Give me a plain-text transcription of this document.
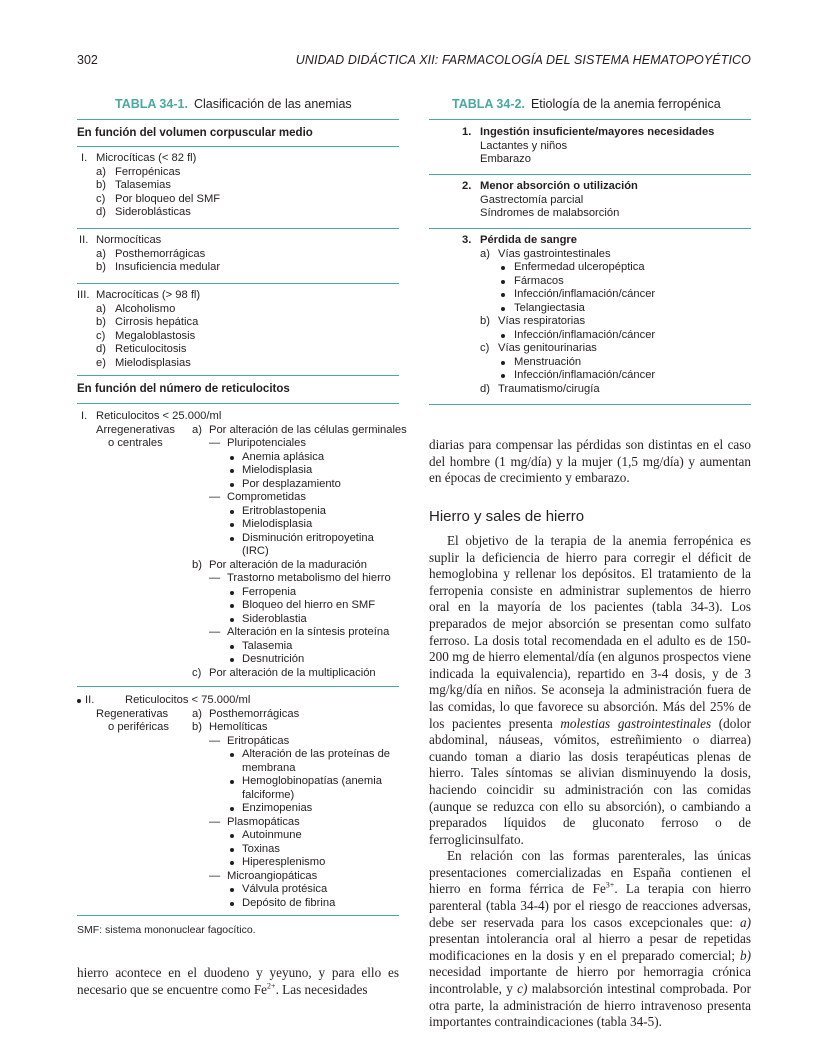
302	UNIDAD DIDÁCTICA XII: FARMACOLOGÍA DEL SISTEMA HEMATOPOYÉTICO
TABLA 34-1. Clasificación de las anemias
En función del volumen corpuscular medio
I. Microcíticas (< 82 fl)
a) Ferropénicas
b) Talasemias
c) Por bloqueo del SMF
d) Sideroblásticas
II. Normocíticas
a) Posthemorrágicas
b) Insuficiencia medular
III. Macrocíticas (> 98 fl)
a) Alcoholismo
b) Cirrosis hepática
c) Megaloblastosis
d) Reticulocitosis
e) Mielodisplasias
En función del número de reticulocitos
I. Reticulocitos < 25.000/ml
Arregenerativas a) Por alteración de las células germinales
o centrales	— Pluripotenciales
Anemia aplásica
Mielodisplasia
Por desplazamiento
— Comprometidas
Eritroblastopenia
Mielodisplasia
Disminución eritropoyetina
(IRC)
b) Por alteración de la maduración
— Trastorno metabolismo del hierro
Ferropenia
Bloqueo del hierro en SMF
Sideroblastia
— Alteración en la síntesis proteína
Talasemia
Desnutrición
c) Por alteración de la multiplicación
II.	Reticulocitos < 75.000/ml
Regenerativas a) Posthemorrágicas
o periféricas b) Hemolíticas
— Eritropáticas
Alteración de las proteínas de
membrana
Hemoglobinopatías (anemia
falciforme)
Enzimopenias
— Plasmopáticas
Autoinmune
Toxinas
Hiperesplenismo
— Microangiopáticas
Válvula protésica
Depósito de fibrina
SMF: sistema mononuclear fagocítico.

hierro acontece en el duodeno y yeyuno, y para ello es necesario que se encuentre como $Fe^{2+}$. Las necesidades

TABLA 34-2. Etiología de la anemia ferropénica
1. Ingestión insuficiente/mayores necesidades
Lactantes y niños
Embarazo
2. Menor absorción o utilización
Gastrectomía parcial
Síndromes de malabsorción
3. Pérdida de sangre
a) Vías gastrointestinales
Enfermedad ulceropéptica
Fármacos
Infección/inflamación/cáncer
Telangiectasia
b) Vías respiratorias
Infección/inflamación/cáncer
c) Vías genitourinarias
Menstruación
Infección/inflamación/cáncer
d) Traumatismo/cirugía

diarias para compensar las pérdidas son distintas en el caso del hombre (1 mg/día) y la mujer (1,5 mg/día) y aumentan en épocas de crecimiento y embarazo.

Hierro y sales de hierro

El objetivo de la terapia de la anemia ferropénica es suplir la deficiencia de hierro para corregir el déficit de hemoglobina y rellenar los depósitos. El tratamiento de la ferropenia consiste en administrar suplementos de hierro oral en la mayoría de los pacientes (tabla 34-3). Los preparados de mejor absorción se presentan como sulfato ferroso. La dosis total recomendada en el adulto es de 150-200 mg de hierro elemental/día (en algunos prospectos viene indicada la equivalencia), repartido en 3-4 dosis, y de 3 mg/kg/día en niños. Se aconseja la administración fuera de las comidas, lo que favorece su absorción. Más del 25% de los pacientes presenta molestias gastrointestinales (dolor abdominal, náuseas, vómitos, estreñimiento o diarrea) cuando toman a diario las dosis terapéuticas plenas de hierro. Tales síntomas se alivian disminuyendo la dosis, haciendo coincidir su administración con las comidas (aunque se reduzca con ello su absorción), o cambiando a preparados líquidos de gluconato ferroso o de ferroglicinsulfato.

En relación con las formas parenterales, las únicas presentaciones comercializadas en España contienen el hierro en forma férrica de $Fe^{3+}$. La terapia con hierro parenteral (tabla 34-4) por el riesgo de reacciones adversas, debe ser reservada para los casos excepcionales que: a) presentan intolerancia oral al hierro a pesar de repetidas modificaciones en la dosis y en el preparado comercial; b) necesidad importante de hierro por hemorragia crónica incontrolable, y c) malabsorción intestinal comprobada. Por otra parte, la administración de hierro intravenoso presenta importantes contraindicaciones (tabla 34-5).
